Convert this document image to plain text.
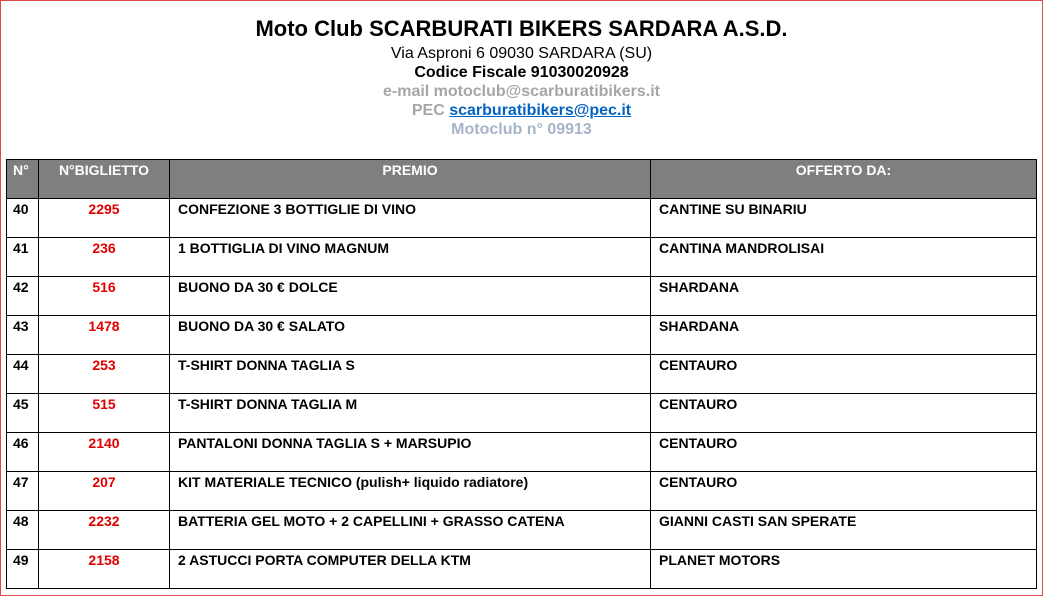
Moto Club SCARBURATI BIKERS SARDARA A.S.D.
Via Asproni 6 09030 SARDARA (SU)
Codice Fiscale 91030020928
e-mail motoclub@scarburatibikers.it
PEC scarburatibikers@pec.it
Motoclub n° 09913
N°	N°BIGLIETTO	PREMIO	OFFERTO DA:
40	2295	CONFEZIONE 3 BOTTIGLIE DI VINO	CANTINE SU BINARIU
41	236	1 BOTTIGLIA DI VINO MAGNUM	CANTINA MANDROLISAI
42	516	BUONO DA 30 € DOLCE	SHARDANA
43	1478	BUONO DA 30 € SALATO	SHARDANA
44	253	T-SHIRT DONNA TAGLIA S	CENTAURO
45	515	T-SHIRT DONNA TAGLIA M	CENTAURO
46	2140	PANTALONI DONNA TAGLIA S + MARSUPIO	CENTAURO
47	207	KIT MATERIALE TECNICO (pulish+ liquido radiatore)	CENTAURO
48	2232	BATTERIA GEL MOTO + 2 CAPELLINI + GRASSO CATENA	GIANNI CASTI SAN SPERATE
49	2158	2 ASTUCCI PORTA COMPUTER DELLA KTM	PLANET MOTORS
